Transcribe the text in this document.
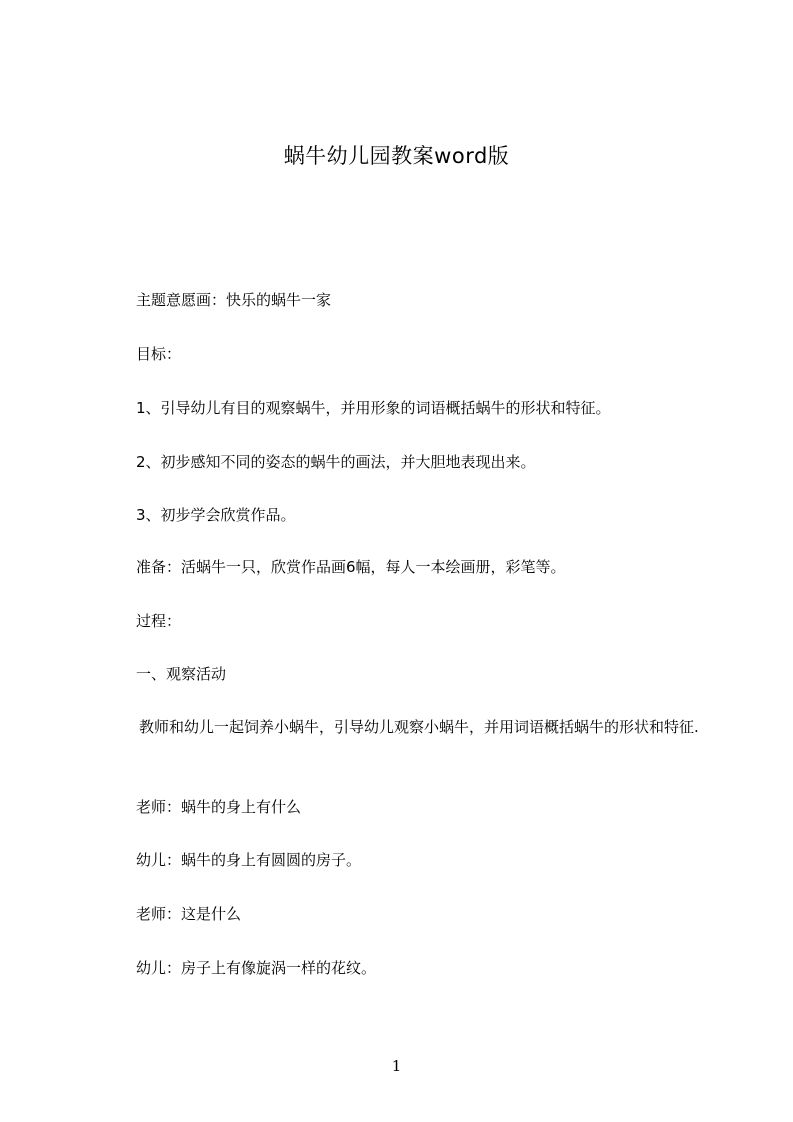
蜗牛幼儿园教案word版
主题意愿画：快乐的蜗牛一家
目标：
1、引导幼儿有目的观察蜗牛，并用形象的词语概括蜗牛的形状和特征。
2、初步感知不同的姿态的蜗牛的画法，并大胆地表现出来。
3、初步学会欣赏作品。
准备：活蜗牛一只，欣赏作品画6幅，每人一本绘画册，彩笔等。
过程：
一、观察活动
教师和幼儿一起饲养小蜗牛，引导幼儿观察小蜗牛，并用词语概括蜗牛的形状和特征.
老师：蜗牛的身上有什么
幼儿：蜗牛的身上有圆圆的房子。
老师：这是什么
幼儿：房子上有像旋涡一样的花纹。
1
